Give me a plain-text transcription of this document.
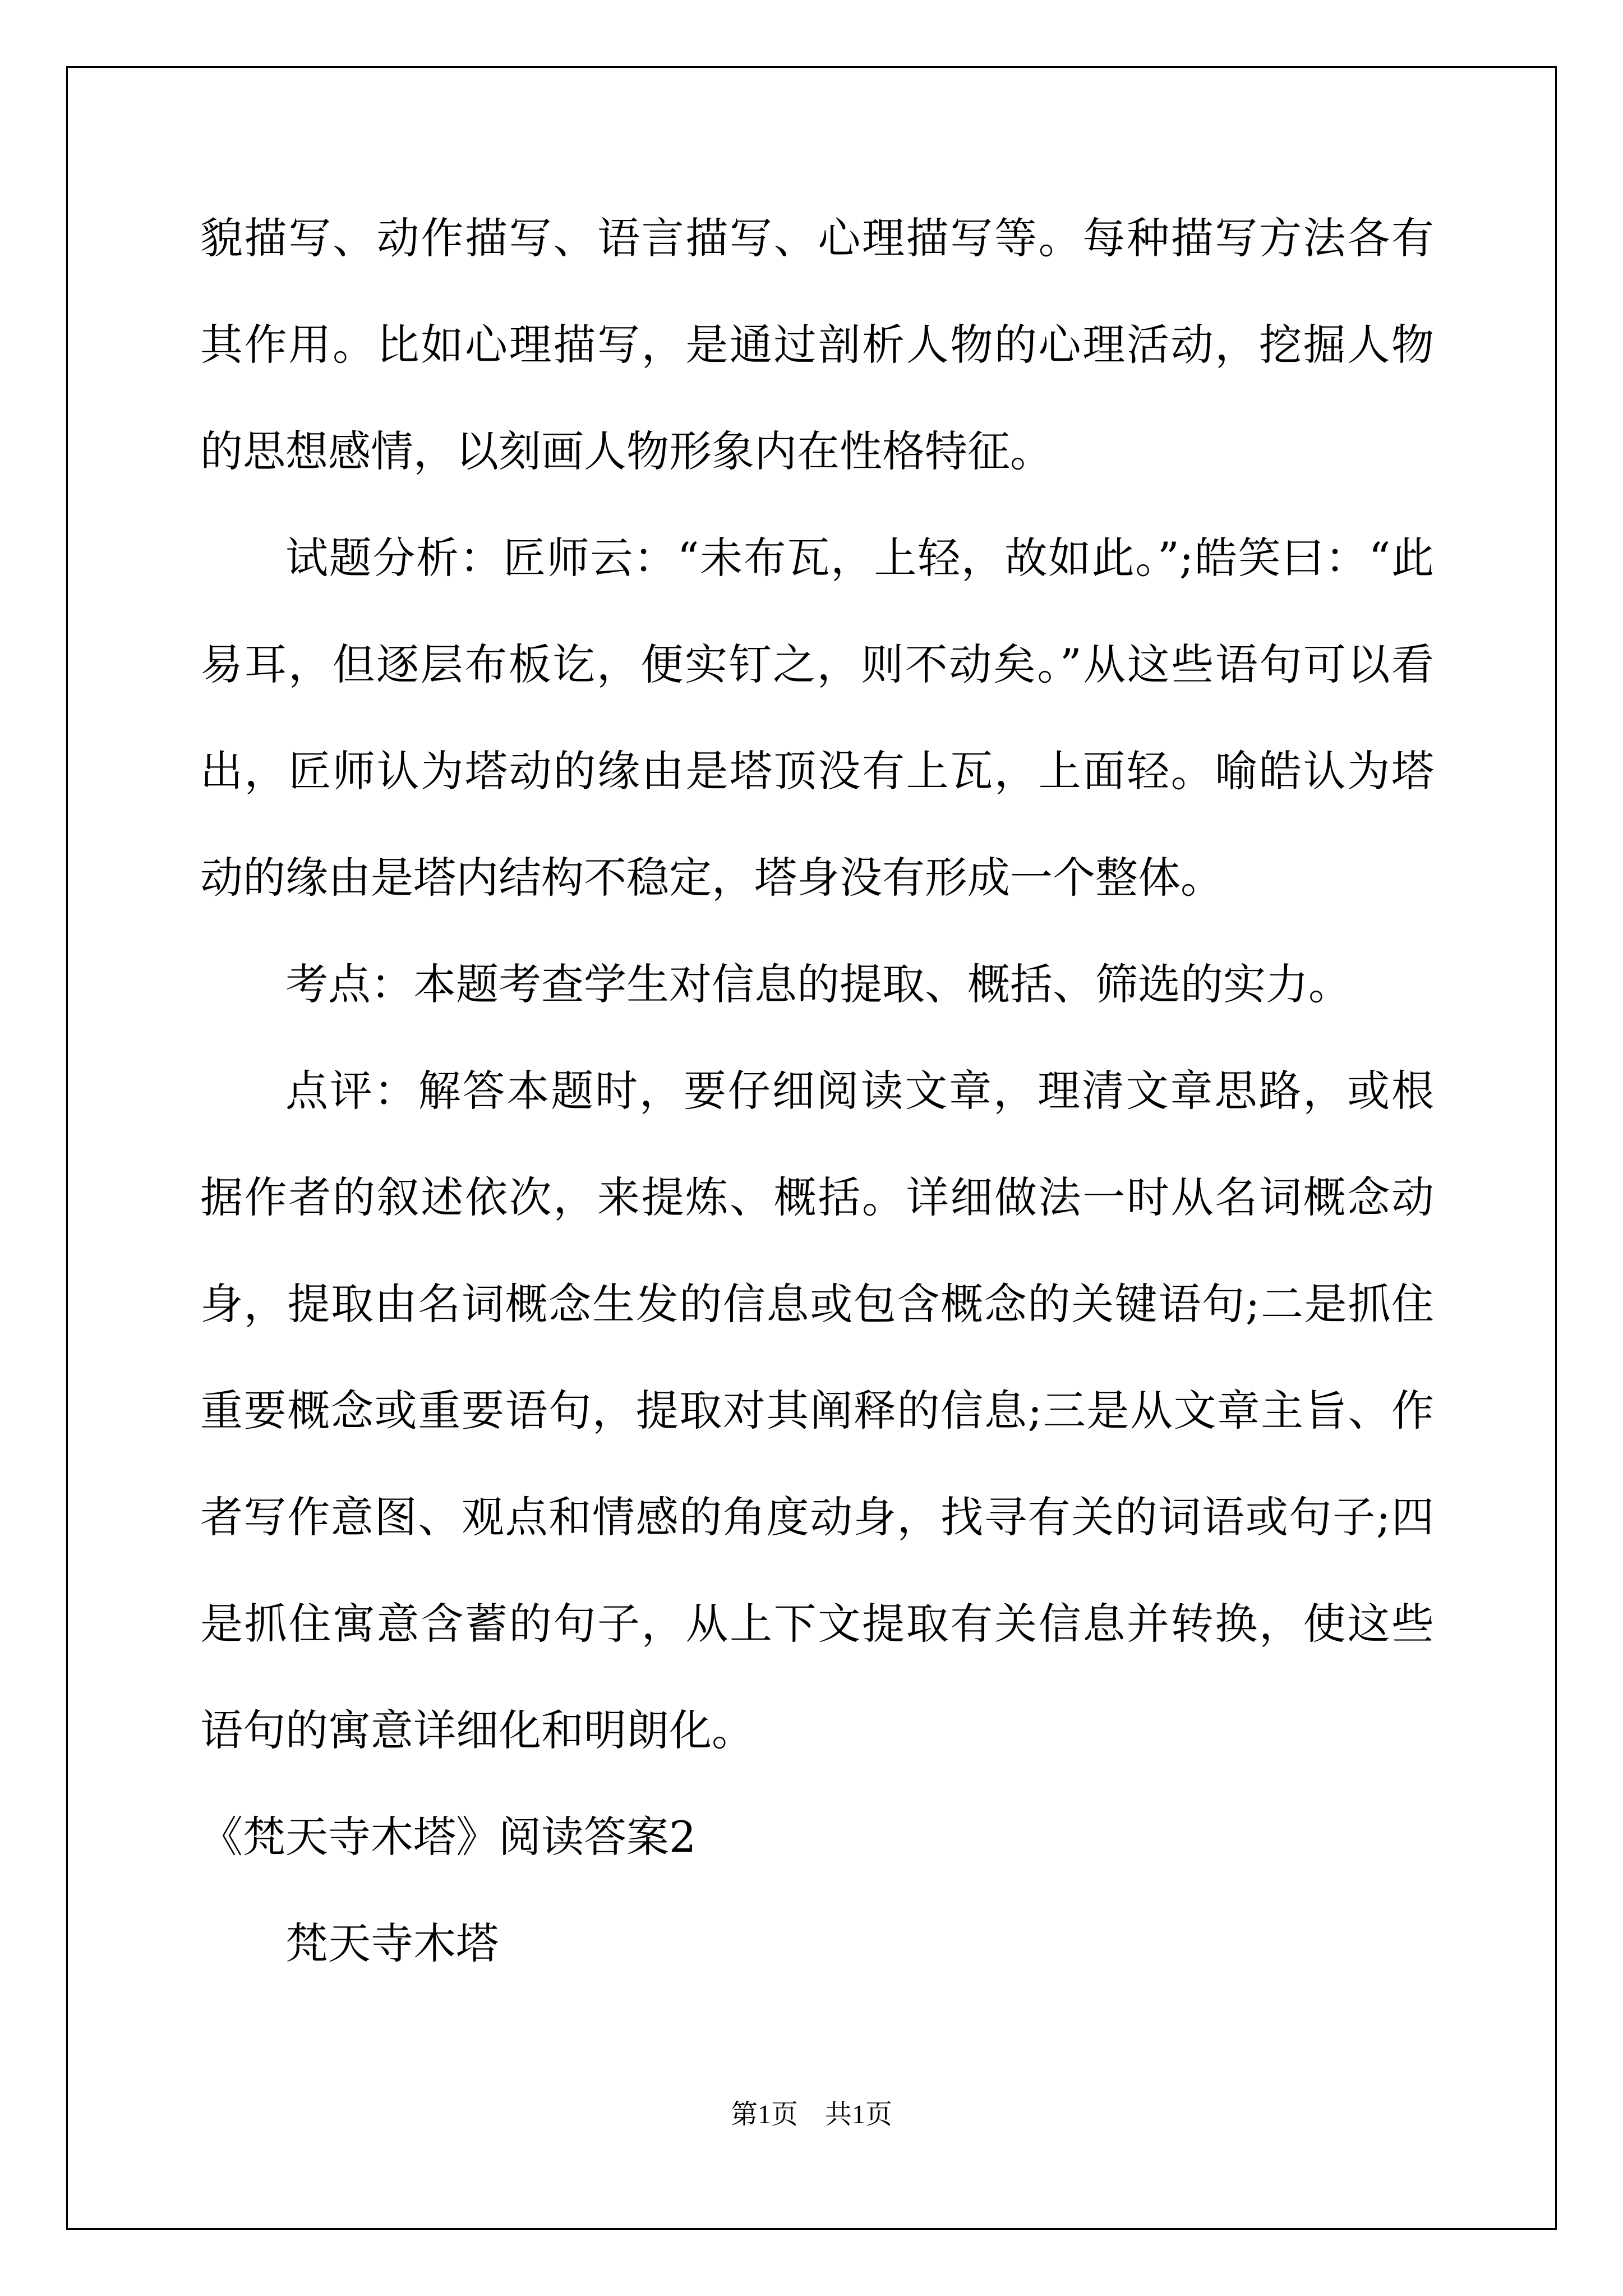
貌描写、动作描写、语言描写、心理描写等。每种描写方法各有其作用。比如心理描写，是通过剖析人物的心理活动，挖掘人物的思想感情，以刻画人物形象内在性格特征。

试题分析：匠师云：“未布瓦，上轻，故如此。”;皓笑曰：“此易耳，但逐层布板讫，便实钉之，则不动矣。”从这些语句可以看出，匠师认为塔动的缘由是塔顶没有上瓦，上面轻。喻皓认为塔动的缘由是塔内结构不稳定，塔身没有形成一个整体。

考点：本题考查学生对信息的提取、概括、筛选的实力。

点评：解答本题时，要仔细阅读文章，理清文章思路，或根据作者的叙述依次，来提炼、概括。详细做法一时从名词概念动身，提取由名词概念生发的信息或包含概念的关键语句;二是抓住重要概念或重要语句，提取对其阐释的信息;三是从文章主旨、作者写作意图、观点和情感的角度动身，找寻有关的词语或句子;四是抓住寓意含蓄的句子，从上下文提取有关信息并转换，使这些语句的寓意详细化和明朗化。

《梵天寺木塔》阅读答案2

梵天寺木塔

第1页　共1页
